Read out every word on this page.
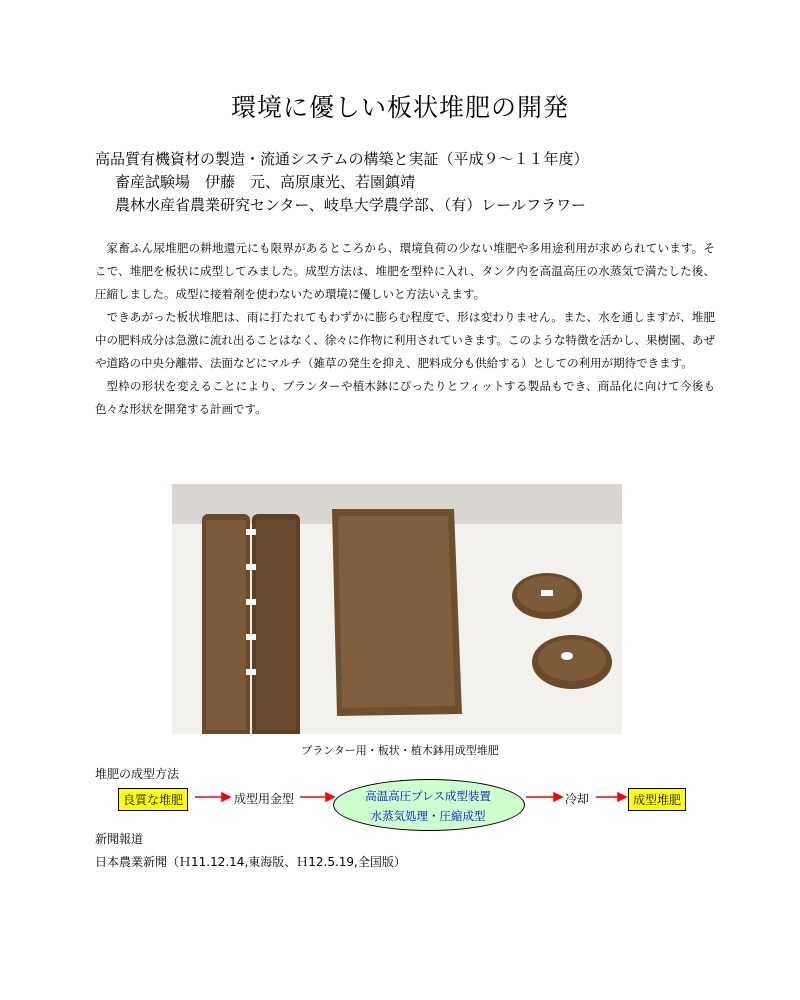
環境に優しい板状堆肥の開発
高品質有機資材の製造・流通システムの構築と実証（平成９～１１年度）
畜産試験場　伊藤　元、高原康光、若園鎮靖
農林水産省農業研究センター、岐阜大学農学部、（有）レールフラワー

家畜ふん尿堆肥の耕地還元にも限界があるところから、環境負荷の少ない堆肥や多用途利用が求められています。そこで、堆肥を板状に成型してみました。成型方法は、堆肥を型枠に入れ、タンク内を高温高圧の水蒸気で満たした後、圧縮しました。成型に接着剤を使わないため環境に優しいと方法いえます。

できあがった板状堆肥は、雨に打たれてもわずかに膨らむ程度で、形は変わりません。また、水を通しますが、堆肥中の肥料成分は急激に流れ出ることはなく、徐々に作物に利用されていきます。このような特徴を活かし、果樹園、あぜや道路の中央分離帯、法面などにマルチ（雑草の発生を抑え、肥料成分も供給する）としての利用が期待できます。

型枠の形状を変えることにより、プランターや植木鉢にぴったりとフィットする製品もでき、商品化に向けて今後も色々な形状を開発する計画です。

プランター用・板状・植木鉢用成型堆肥
堆肥の成型方法
良質な堆肥	成型用金型	高温高圧プレス成型装置
水蒸気処理・圧縮成型
冷却	成型堆肥
新聞報道
日本農業新聞（Ｈ11.12.14,東海版、Ｈ12.5.19,全国版）
